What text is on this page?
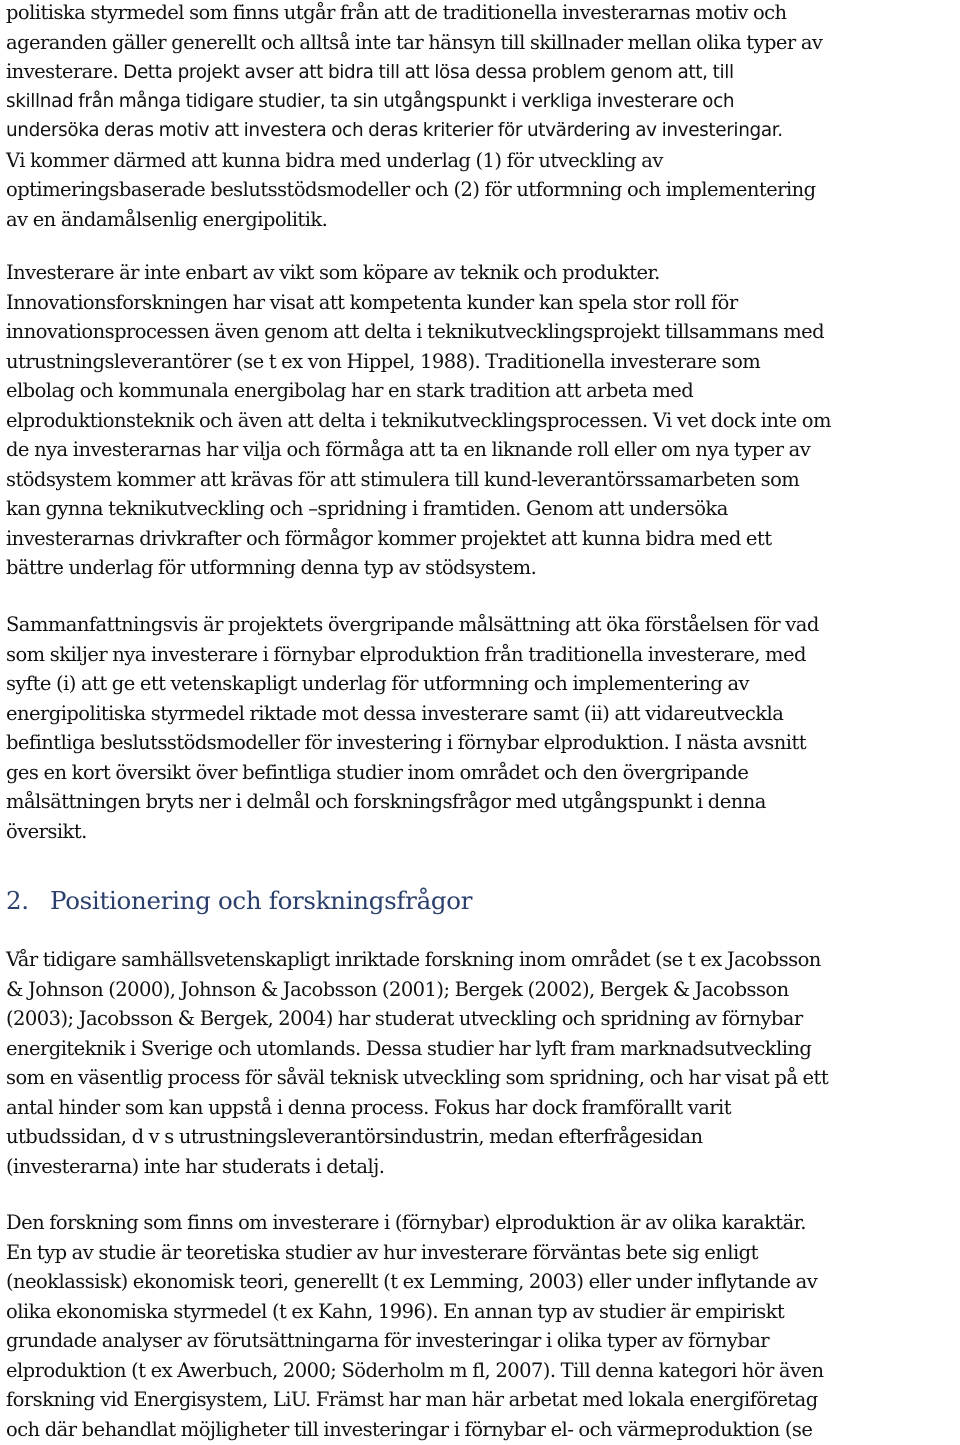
politiska styrmedel som finns utgår från att de traditionella investerarnas motiv och
ageranden gäller generellt och alltså inte tar hänsyn till skillnader mellan olika typer av
investerare. Detta projekt avser att bidra till att lösa dessa problem genom att, till
skillnad från många tidigare studier, ta sin utgångspunkt i verkliga investerare och
undersöka deras motiv att investera och deras kriterier för utvärdering av investeringar.
Vi kommer därmed att kunna bidra med underlag (1) för utveckling av
optimeringsbaserade beslutsstödsmodeller och (2) för utformning och implementering
av en ändamålsenlig energipolitik.
Investerare är inte enbart av vikt som köpare av teknik och produkter.
Innovationsforskningen har visat att kompetenta kunder kan spela stor roll för
innovationsprocessen även genom att delta i teknikutvecklingsprojekt tillsammans med
utrustningsleverantörer (se t ex von Hippel, 1988). Traditionella investerare som
elbolag och kommunala energibolag har en stark tradition att arbeta med
elproduktionsteknik och även att delta i teknikutvecklingsprocessen. Vi vet dock inte om
de nya investerarnas har vilja och förmåga att ta en liknande roll eller om nya typer av
stödsystem kommer att krävas för att stimulera till kund-leverantörssamarbeten som
kan gynna teknikutveckling och –spridning i framtiden. Genom att undersöka
investerarnas drivkrafter och förmågor kommer projektet att kunna bidra med ett
bättre underlag för utformning denna typ av stödsystem.
Sammanfattningsvis är projektets övergripande målsättning att öka förståelsen för vad
som skiljer nya investerare i förnybar elproduktion från traditionella investerare, med
syfte (i) att ge ett vetenskapligt underlag för utformning och implementering av
energipolitiska styrmedel riktade mot dessa investerare samt (ii) att vidareutveckla
befintliga beslutsstödsmodeller för investering i förnybar elproduktion. I nästa avsnitt
ges en kort översikt över befintliga studier inom området och den övergripande
målsättningen bryts ner i delmål och forskningsfrågor med utgångspunkt i denna
översikt.
2. Positionering och forskningsfrågor
Vår tidigare samhällsvetenskapligt inriktade forskning inom området (se t ex Jacobsson
& Johnson (2000), Johnson & Jacobsson (2001); Bergek (2002), Bergek & Jacobsson
(2003); Jacobsson & Bergek, 2004) har studerat utveckling och spridning av förnybar
energiteknik i Sverige och utomlands. Dessa studier har lyft fram marknadsutveckling
som en väsentlig process för såväl teknisk utveckling som spridning, och har visat på ett
antal hinder som kan uppstå i denna process. Fokus har dock framförallt varit
utbudssidan, d v s utrustningsleverantörsindustrin, medan efterfrågesidan
(investerarna) inte har studerats i detalj.
Den forskning som finns om investerare i (förnybar) elproduktion är av olika karaktär.
En typ av studie är teoretiska studier av hur investerare förväntas bete sig enligt
(neoklassisk) ekonomisk teori, generellt (t ex Lemming, 2003) eller under inflytande av
olika ekonomiska styrmedel (t ex Kahn, 1996). En annan typ av studier är empiriskt
grundade analyser av förutsättningarna för investeringar i olika typer av förnybar
elproduktion (t ex Awerbuch, 2000; Söderholm m fl, 2007). Till denna kategori hör även
forskning vid Energisystem, LiU. Främst har man här arbetat med lokala energiföretag
och där behandlat möjligheter till investeringar i förnybar el- och värmeproduktion (se
